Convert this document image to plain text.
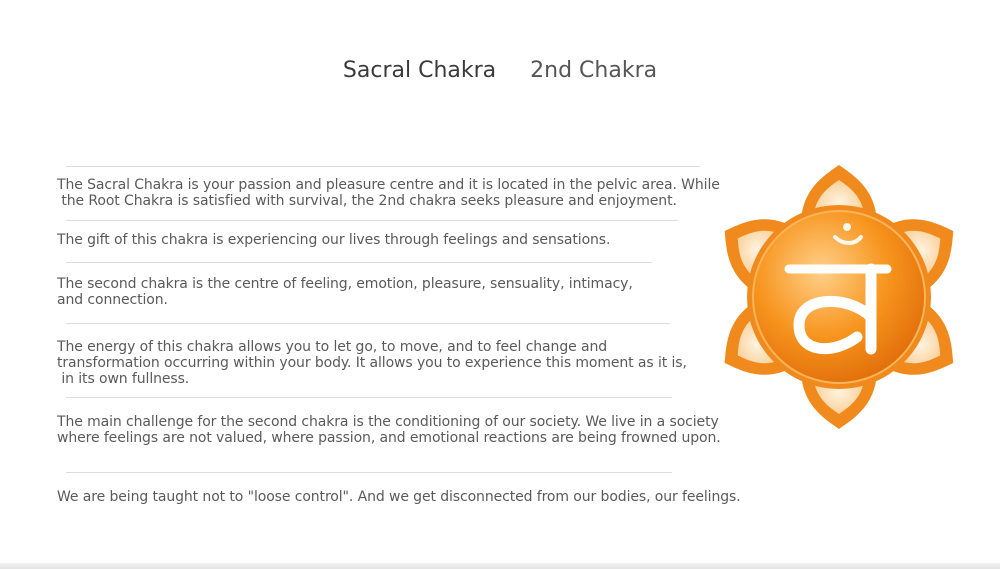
Sacral Chakra 2nd Chakra
The Sacral Chakra is your passion and pleasure centre and it is located in the pelvic area. While
the Root Chakra is satisfied with survival, the 2nd chakra seeks pleasure and enjoyment.
The gift of this chakra is experiencing our lives through feelings and sensations.
The second chakra is the centre of feeling, emotion, pleasure, sensuality, intimacy,
and connection.
The energy of this chakra allows you to let go, to move, and to feel change and
transformation occurring within your body. It allows you to experience this moment as it is,
in its own fullness.
The main challenge for the second chakra is the conditioning of our society. We live in a society
where feelings are not valued, where passion, and emotional reactions are being frowned upon.
We are being taught not to "loose control". And we get disconnected from our bodies, our feelings.
